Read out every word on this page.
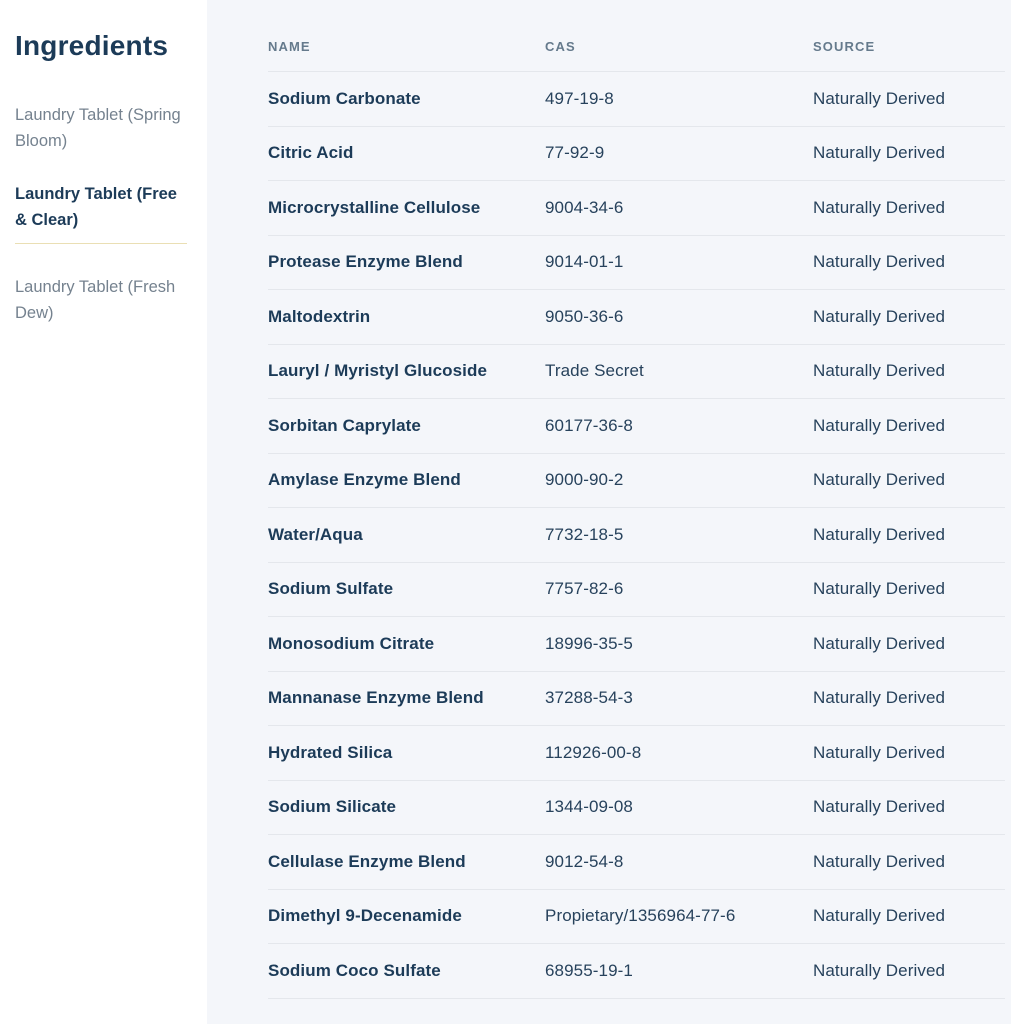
Ingredients
Laundry Tablet (Spring Bloom)
Laundry Tablet (Free & Clear)
Laundry Tablet (Fresh Dew)
NAME	CAS	SOURCE
Sodium Carbonate	497-19-8	Naturally Derived
Citric Acid	77-92-9	Naturally Derived
Microcrystalline Cellulose	9004-34-6	Naturally Derived
Protease Enzyme Blend	9014-01-1	Naturally Derived
Maltodextrin	9050-36-6	Naturally Derived
Lauryl / Myristyl Glucoside	Trade Secret	Naturally Derived
Sorbitan Caprylate	60177-36-8	Naturally Derived
Amylase Enzyme Blend	9000-90-2	Naturally Derived
Water/Aqua	7732-18-5	Naturally Derived
Sodium Sulfate	7757-82-6	Naturally Derived
Monosodium Citrate	18996-35-5	Naturally Derived
Mannanase Enzyme Blend	37288-54-3	Naturally Derived
Hydrated Silica	112926-00-8	Naturally Derived
Sodium Silicate	1344-09-08	Naturally Derived
Cellulase Enzyme Blend	9012-54-8	Naturally Derived
Dimethyl 9-Decenamide	Propietary/1356964-77-6	Naturally Derived
Sodium Coco Sulfate	68955-19-1	Naturally Derived
